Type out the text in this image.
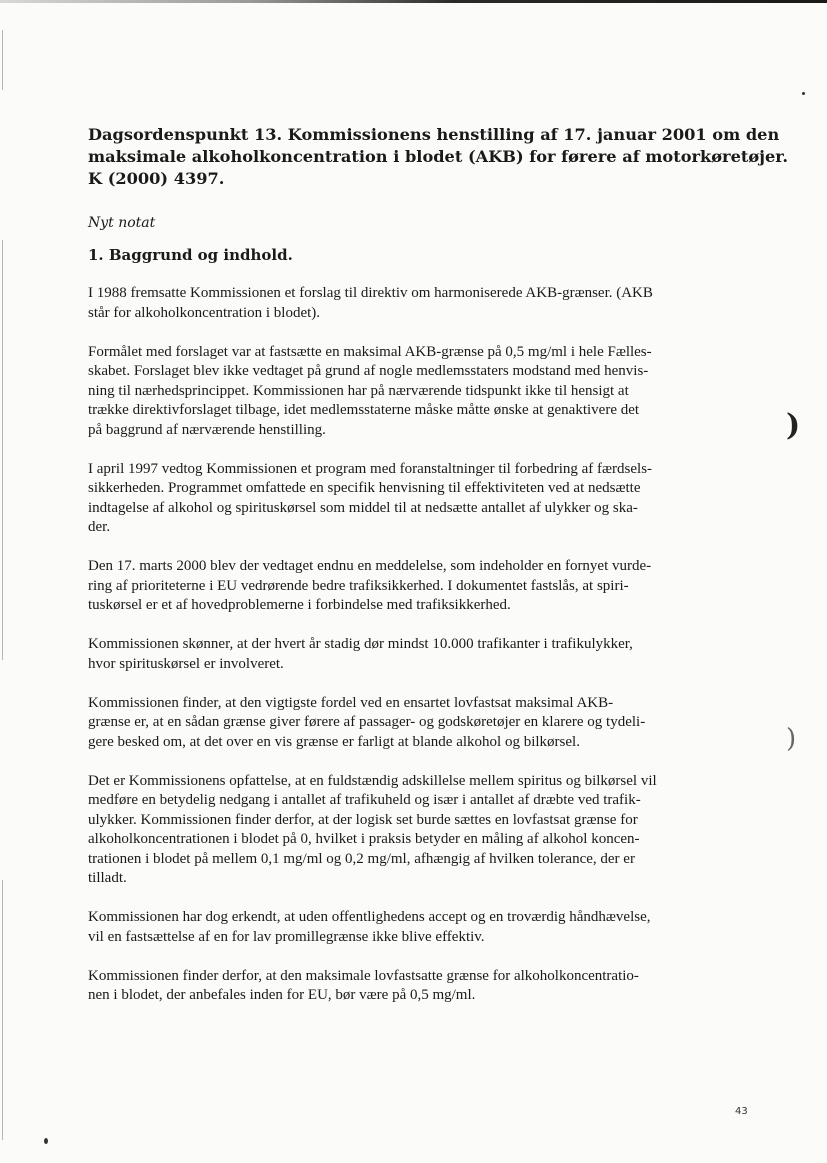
Dagsordenspunkt 13. Kommissionens henstilling af 17. januar 2001 om den
maksimale alkoholkoncentration i blodet (AKB) for førere af motorkøretøjer.
K (2000) 4397.

Nyt notat

1. Baggrund og indhold.

I 1988 fremsatte Kommissionen et forslag til direktiv om harmoniserede AKB-grænser. (AKB
står for alkoholkoncentration i blodet).

Formålet med forslaget var at fastsætte en maksimal AKB-grænse på 0,5 mg/ml i hele Fælles-
skabet. Forslaget blev ikke vedtaget på grund af nogle medlemsstaters modstand med henvis-
ning til nærhedsprincippet. Kommissionen har på nærværende tidspunkt ikke til hensigt at
trække direktivforslaget tilbage, idet medlemsstaterne måske måtte ønske at genaktivere det
på baggrund af nærværende henstilling.

I april 1997 vedtog Kommissionen et program med foranstaltninger til forbedring af færdsels-
sikkerheden. Programmet omfattede en specifik henvisning til effektiviteten ved at nedsætte
indtagelse af alkohol og spirituskørsel som middel til at nedsætte antallet af ulykker og ska-
der.

Den 17. marts 2000 blev der vedtaget endnu en meddelelse, som indeholder en fornyet vurde-
ring af prioriteterne i EU vedrørende bedre trafiksikkerhed. I dokumentet fastslås, at spiri-
tuskørsel er et af hovedproblemerne i forbindelse med trafiksikkerhed.

Kommissionen skønner, at der hvert år stadig dør mindst 10.000 trafikanter i trafikulykker,
hvor spirituskørsel er involveret.

Kommissionen finder, at den vigtigste fordel ved en ensartet lovfastsat maksimal AKB-
grænse er, at en sådan grænse giver førere af passager- og godskøretøjer en klarere og tydeli-
gere besked om, at det over en vis grænse er farligt at blande alkohol og bilkørsel.

Det er Kommissionens opfattelse, at en fuldstændig adskillelse mellem spiritus og bilkørsel vil
medføre en betydelig nedgang i antallet af trafikuheld og især i antallet af dræbte ved trafik-
ulykker. Kommissionen finder derfor, at der logisk set burde sættes en lovfastsat grænse for
alkoholkoncentrationen i blodet på 0, hvilket i praksis betyder en måling af alkohol koncen-
trationen i blodet på mellem 0,1 mg/ml og 0,2 mg/ml, afhængig af hvilken tolerance, der er
tilladt.

Kommissionen har dog erkendt, at uden offentlighedens accept og en troværdig håndhævelse,
vil en fastsættelse af en for lav promillegrænse ikke blive effektiv.

Kommissionen finder derfor, at den maksimale lovfastsatte grænse for alkoholkoncentratio-
nen i blodet, der anbefales inden for EU, bør være på 0,5 mg/ml.

43
)
)
